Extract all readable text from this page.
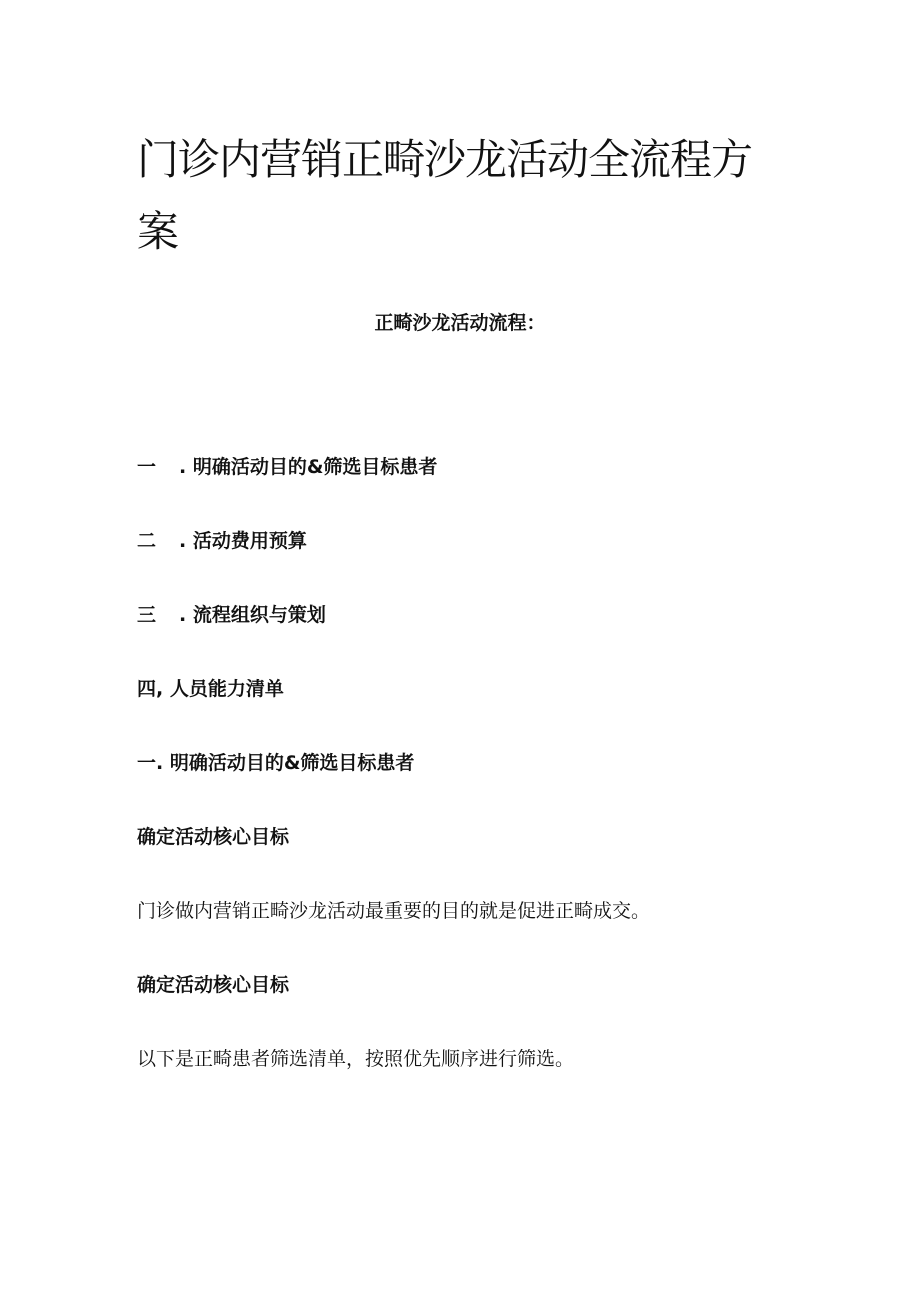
门诊内营销正畸沙龙活动全流程方案

正畸沙龙活动流程：

一 . 明确活动目的&筛选目标患者

二 . 活动费用预算

三 . 流程组织与策划

四, 人员能力清单

一. 明确活动目的&筛选目标患者

确定活动核心目标

门诊做内营销正畸沙龙活动最重要的目的就是促进正畸成交。

确定活动核心目标

以下是正畸患者筛选清单，按照优先顺序进行筛选。
